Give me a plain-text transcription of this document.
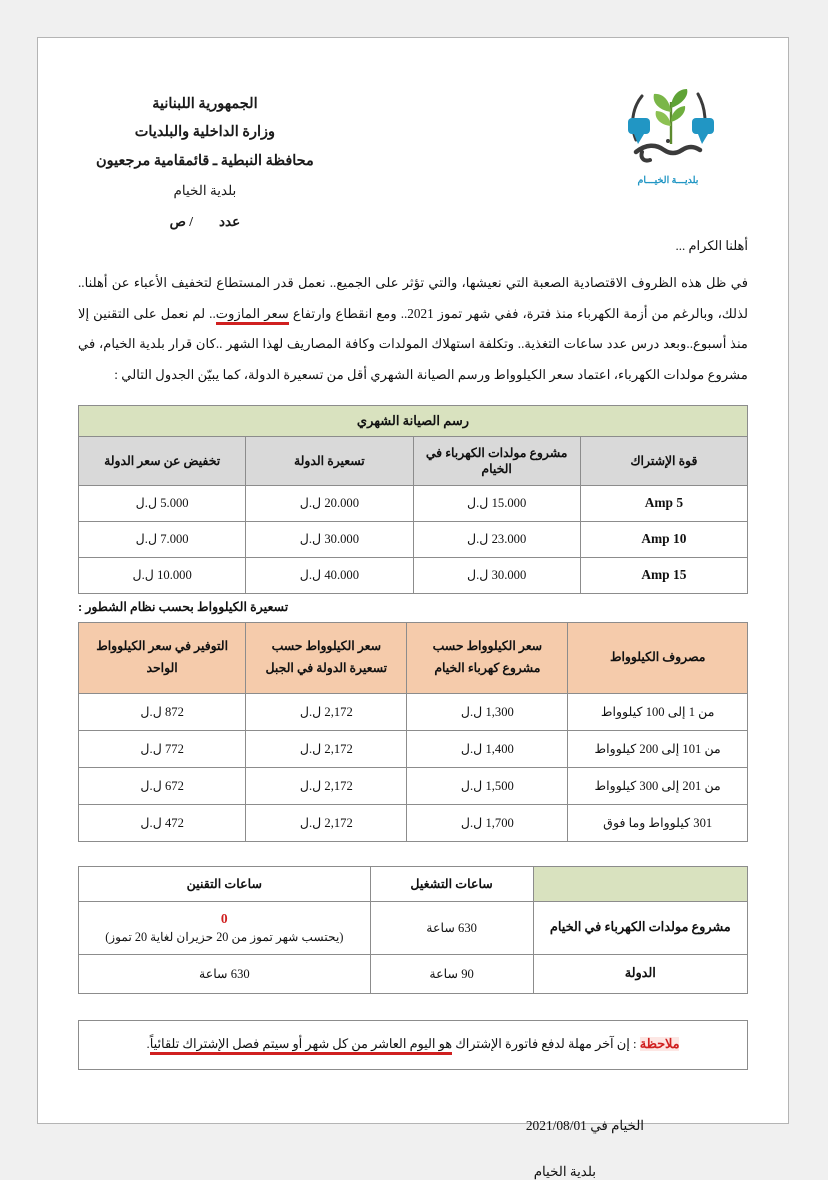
الجمهورية اللبنانية
وزارة الداخلية والبلديات
محافظة النبطية ـ قائمقامية مرجعيون
بلدية الخيام
عدد/ ص
بلديـــة الخيـــام
أهلنا الكرام ...
في ظل هذه الظروف الاقتصادية الصعبة التي نعيشها، والتي تؤثر على الجميع.. نعمل قدر المستطاع لتخفيف الأعباء عن أهلنا.. لذلك، وبالرغم من أزمة الكهرباء منذ فترة، ففي شهر تموز 2021.. ومع انقطاع وارتفاع سعر المازوت.. لم نعمل على التقنين إلا منذ أسبوع..وبعد درس عدد ساعات التغذية.. وتكلفة استهلاك المولدات وكافة المصاريف لهذا الشهر ..كان قرار بلدية الخيام، في مشروع مولدات الكهرباء، اعتماد سعر الكيلوواط ورسم الصيانة الشهري أقل من تسعيرة الدولة، كما يبيّن الجدول التالي :
رسم الصيانة الشهري			
قوة الإشتراك	مشروع مولدات الكهرباء في الخيام	تسعيرة الدولة	تخفيض عن سعر الدولة
5 Amp	15.000 ل.ل	20.000 ل.ل	5.000 ل.ل
10 Amp	23.000 ل.ل	30.000 ل.ل	7.000 ل.ل
15 Amp	30.000 ل.ل	40.000 ل.ل	10.000 ل.ل
تسعيرة الكيلوواط بحسب نظام الشطور :
مصروف الكيلوواط	سعر الكيلوواط حسب مشروع كهرباء الخيام	سعر الكيلوواط حسب تسعيرة الدولة في الجبل	التوفير في سعر الكيلوواط الواحد
من 1 إلى 100 كيلوواط	1,300 ل.ل	2,172 ل.ل	872 ل.ل
من 101 إلى 200 كيلوواط	1,400 ل.ل	2,172 ل.ل	772 ل.ل
من 201 إلى 300 كيلوواط	1,500 ل.ل	2,172 ل.ل	672 ل.ل
301 كيلوواط وما فوق	1,700 ل.ل	2,172 ل.ل	472 ل.ل
	ساعات التشغيل	ساعات التقنين
مشروع مولدات الكهرباء في الخيام	630 ساعة	0
(يحتسب شهر تموز من 20 حزيران لغاية 20 تموز)

الدولة	90 ساعة	630 ساعة
ملاحظة : إن آخر مهلة لدفع فاتورة الإشتراك هو اليوم العاشر من كل شهر أو سيتم فصل الإشتراك تلقائياً.
الخيام في 2021/08/01
بلدية الخيام
